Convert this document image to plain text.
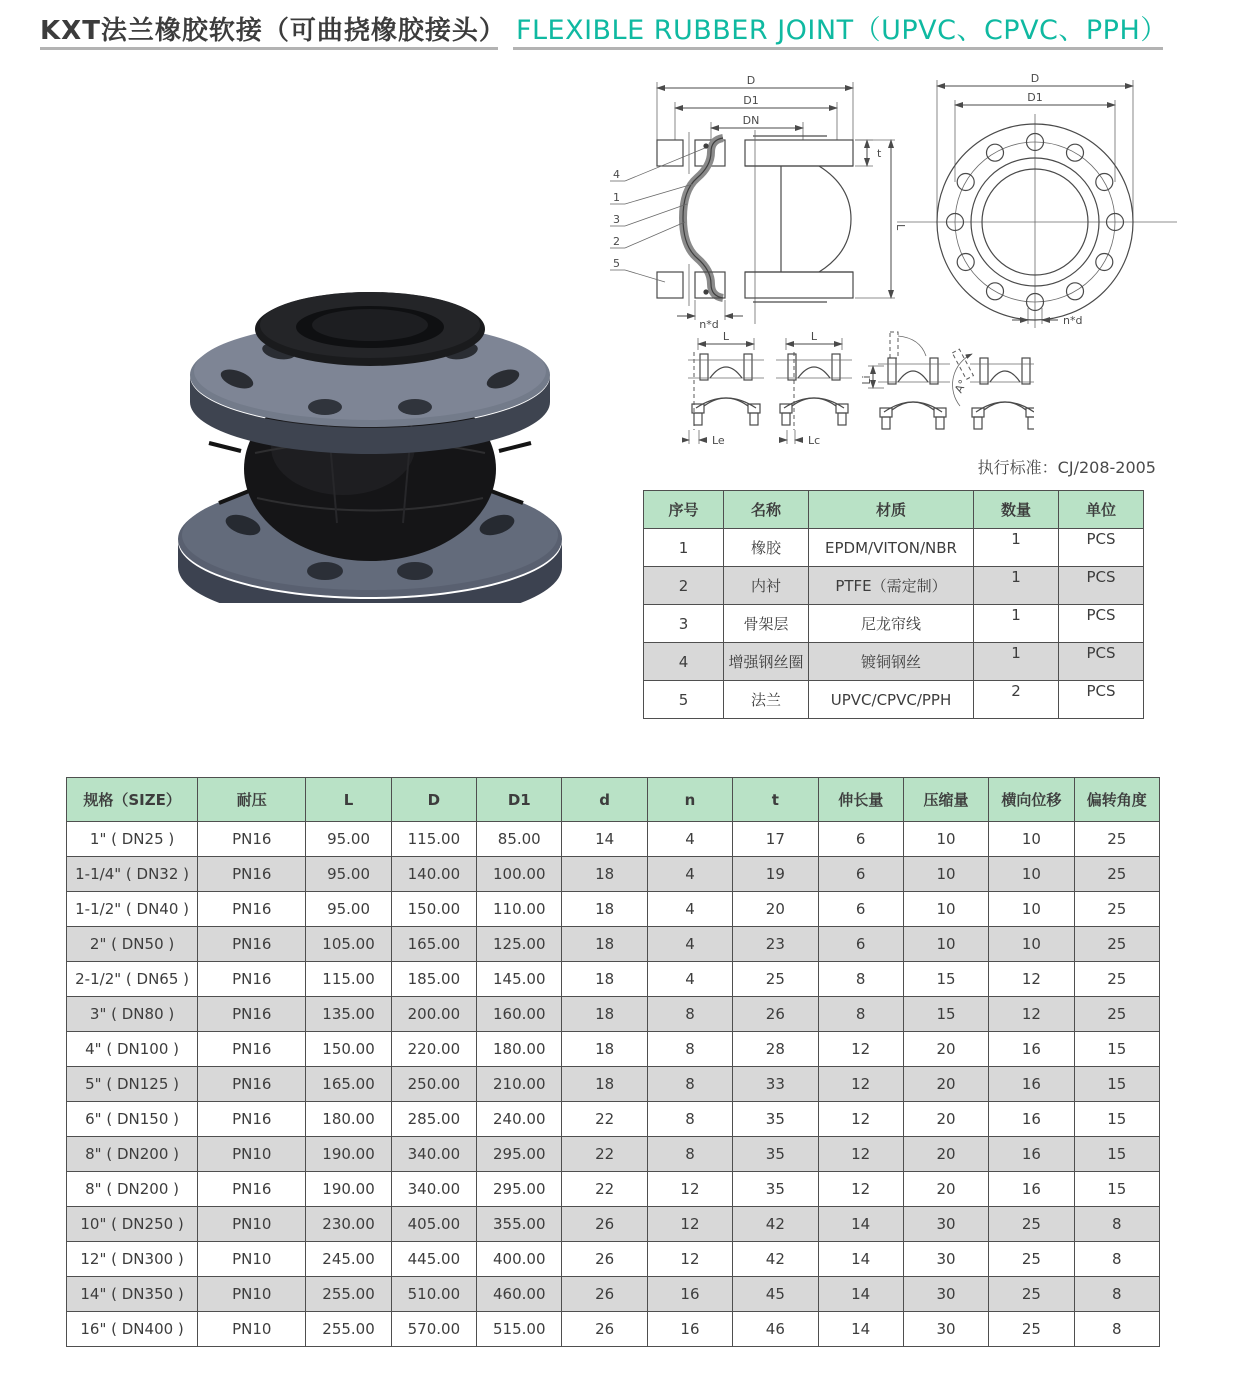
KXT法兰橡胶软接（可曲挠橡胶接头） FLEXIBLE RUBBER JOINT（UPVC、CPVC、PPH）
D
D1
DN
4
1
3
2
5
t
L
n*d
D
D1
n*d
L
Le
L
Lc
Li	A°
执行标准：CJ/208-2005
序号	名称	材质	数量	单位
1	橡胶	EPDM/VITON/NBR	1	PCS
2	内衬	PTFE（需定制）	1	PCS
3	骨架层	尼龙帘线	1	PCS
4	增强钢丝圈	镀铜钢丝	1	PCS
5	法兰	UPVC/CPVC/PPH	2	PCS
规格（SIZE）	耐压	L	D	D1	d	n	t	伸长量	压缩量	横向位移	偏转角度
1" ( DN25 )	PN16	95.00	115.00	85.00	14	4	17	6	10	10	25
1-1/4" ( DN32 )	PN16	95.00	140.00	100.00	18	4	19	6	10	10	25
1-1/2" ( DN40 )	PN16	95.00	150.00	110.00	18	4	20	6	10	10	25
2" ( DN50 )	PN16	105.00	165.00	125.00	18	4	23	6	10	10	25
2-1/2" ( DN65 )	PN16	115.00	185.00	145.00	18	4	25	8	15	12	25
3" ( DN80 )	PN16	135.00	200.00	160.00	18	8	26	8	15	12	25
4" ( DN100 )	PN16	150.00	220.00	180.00	18	8	28	12	20	16	15
5" ( DN125 )	PN16	165.00	250.00	210.00	18	8	33	12	20	16	15
6" ( DN150 )	PN16	180.00	285.00	240.00	22	8	35	12	20	16	15
8" ( DN200 )	PN10	190.00	340.00	295.00	22	8	35	12	20	16	15
8" ( DN200 )	PN16	190.00	340.00	295.00	22	12	35	12	20	16	15
10" ( DN250 )	PN10	230.00	405.00	355.00	26	12	42	14	30	25	8
12" ( DN300 )	PN10	245.00	445.00	400.00	26	12	42	14	30	25	8
14" ( DN350 )	PN10	255.00	510.00	460.00	26	16	45	14	30	25	8
16" ( DN400 )	PN10	255.00	570.00	515.00	26	16	46	14	30	25	8
